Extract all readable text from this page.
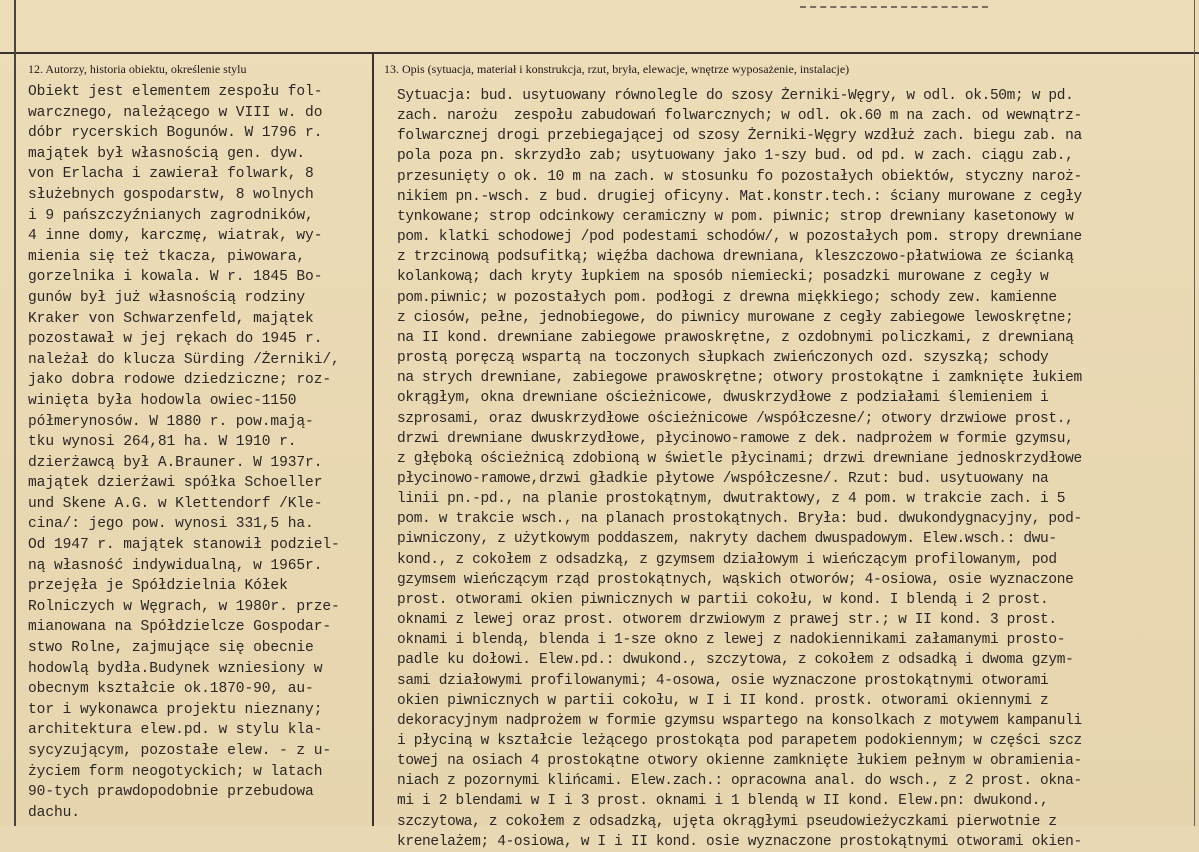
12. Autorzy, historia obiektu, określenie stylu	13. Opis (sytuacja, materiał i konstrukcja, rzut, bryła, elewacje, wnętrze wyposażenie, instalacje)
Obiekt jest elementem zespołu fol-
warcznego, należącego w VIII w. do
dóbr rycerskich Bogunów. W 1796 r.
majątek był własnością gen. dyw.
von Erlacha i zawierał folwark, 8
służebnych gospodarstw, 8 wolnych
i 9 pańszczyźnianych zagrodników,
4 inne domy, karczmę, wiatrak, wy-
mienia się też tkacza, piwowara,
gorzelnika i kowala. W r. 1845 Bo-
gunów był już własnością rodziny
Kraker von Schwarzenfeld, majątek
pozostawał w jej rękach do 1945 r.
należał do klucza Sürding /Żerniki/,
jako dobra rodowe dziedziczne; roz-
winięta była hodowla owiec-1150
półmerynosów. W 1880 r. pow.mają-
tku wynosi 264,81 ha. W 1910 r.
dzierżawcą był A.Brauner. W 1937r.
majątek dzierżawi spółka Schoeller
und Skene A.G. w Klettendorf /Kle-
cina/: jego pow. wynosi 331,5 ha.
Od 1947 r. majątek stanowił podziel-
ną własność indywidualną, w 1965r.
przejęła je Spółdzielnia Kółek
Rolniczych w Węgrach, w 1980r. prze-
mianowana na Spółdzielcze Gospodar-
stwo Rolne, zajmujące się obecnie
hodowlą bydła.Budynek wzniesiony w
obecnym kształcie ok.1870-90, au-
tor i wykonawca projektu nieznany;
architektura elew.pd. w stylu kla-
sycyzującym, pozostałe elew. - z u-
życiem form neogotyckich; w latach
90-tych prawdopodobnie przebudowa
dachu.
Sytuacja: bud. usytuowany równolegle do szosy Żerniki-Węgry, w odl. ok.50m; w pd.
zach. narożu  zespołu zabudowań folwarcznych; w odl. ok.60 m na zach. od wewnątrz-
folwarcznej drogi przebiegającej od szosy Żerniki-Węgry wzdłuż zach. biegu zab. na
pola poza pn. skrzydło zab; usytuowany jako 1-szy bud. od pd. w zach. ciągu zab.,
przesunięty o ok. 10 m na zach. w stosunku fo pozostałych obiektów, styczny naroż-
nikiem pn.-wsch. z bud. drugiej oficyny. Mat.konstr.tech.: ściany murowane z cegły
tynkowane; strop odcinkowy ceramiczny w pom. piwnic; strop drewniany kasetonowy w
pom. klatki schodowej /pod podestami schodów/, w pozostałych pom. stropy drewniane
z trzcinową podsufitką; więźba dachowa drewniana, kleszczowo-płatwiowa ze ścianką
kolankową; dach kryty łupkiem na sposób niemiecki; posadzki murowane z cegły w
pom.piwnic; w pozostałych pom. podłogi z drewna miękkiego; schody zew. kamienne
z ciosów, pełne, jednobiegowe, do piwnicy murowane z cegły zabiegowe lewoskrętne;
na II kond. drewniane zabiegowe prawoskrętne, z ozdobnymi policzkami, z drewnianą
prostą poręczą wspartą na toczonych słupkach zwieńczonych ozd. szyszką; schody
na strych drewniane, zabiegowe prawoskrętne; otwory prostokątne i zamknięte łukiem
okrągłym, okna drewniane ościeżnicowe, dwuskrzydłowe z podziałami ślemieniem i
szprosami, oraz dwuskrzydłowe ościeżnicowe /współczesne/; otwory drzwiowe prost.,
drzwi drewniane dwuskrzydłowe, płycinowo-ramowe z dek. nadprożem w formie gzymsu,
z głęboką ościeżnicą zdobioną w świetle płycinami; drzwi drewniane jednoskrzydłowe
płycinowo-ramowe,drzwi gładkie płytowe /współczesne/. Rzut: bud. usytuowany na
linii pn.-pd., na planie prostokątnym, dwutraktowy, z 4 pom. w trakcie zach. i 5
pom. w trakcie wsch., na planach prostokątnych. Bryła: bud. dwukondygnacyjny, pod-
piwniczony, z użytkowym poddaszem, nakryty dachem dwuspadowym. Elew.wsch.: dwu-
kond., z cokołem z odsadzką, z gzymsem działowym i wieńczącym profilowanym, pod
gzymsem wieńczącym rząd prostokątnych, wąskich otworów; 4-osiowa, osie wyznaczone
prost. otworami okien piwnicznych w partii cokołu, w kond. I blendą i 2 prost.
oknami z lewej oraz prost. otworem drzwiowym z prawej str.; w II kond. 3 prost.
oknami i blendą, blenda i 1-sze okno z lewej z nadokiennikami załamanymi prosto-
padle ku dołowi. Elew.pd.: dwukond., szczytowa, z cokołem z odsadką i dwoma gzym-
sami działowymi profilowanymi; 4-osowa, osie wyznaczone prostokątnymi otworami
okien piwnicznych w partii cokołu, w I i II kond. prostk. otworami okiennymi z
dekoracyjnym nadprożem w formie gzymsu wspartego na konsolkach z motywem kampanuli
i płyciną w kształcie leżącego prostokąta pod parapetem podokiennym; w części szcz
towej na osiach 4 prostokątne otwory okienne zamknięte łukiem pełnym w obramienia-
niach z pozornymi klińcami. Elew.zach.: opracowna anal. do wsch., z 2 prost. okna-
mi i 2 blendami w I i 3 prost. oknami i 1 blendą w II kond. Elew.pn: dwukond.,
szczytowa, z cokołem z odsadzką, ujęta okrągłymi pseudowieżyczkami pierwotnie z
krenelażem; 4-osiowa, w I i II kond. osie wyznaczone prostokątnymi otworami okien-
